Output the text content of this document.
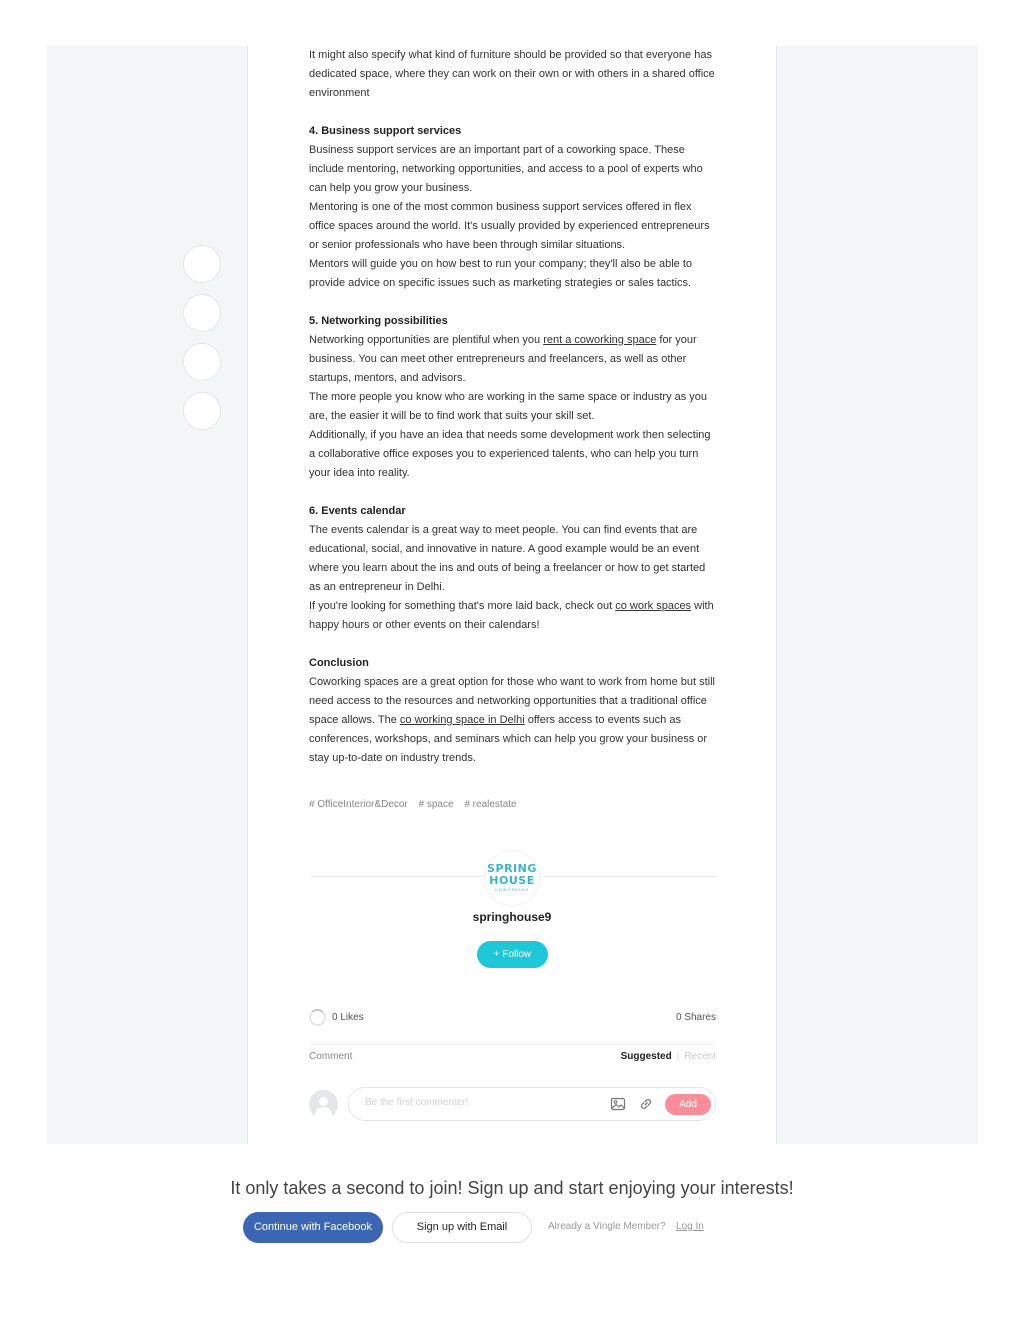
It might also specify what kind of furniture should be provided so that everyone has dedicated space, where they can work on their own or with others in a shared office environment

4. Business support services

Business support services are an important part of a coworking space. These include mentoring, networking opportunities, and access to a pool of experts who can help you grow your business.

Mentoring is one of the most common business support services offered in flex office spaces around the world. It's usually provided by experienced entrepreneurs or senior professionals who have been through similar situations.

Mentors will guide you on how best to run your company; they'll also be able to provide advice on specific issues such as marketing strategies or sales tactics.

5. Networking possibilities

Networking opportunities are plentiful when you rent a coworking space for your business. You can meet other entrepreneurs and freelancers, as well as other startups, mentors, and advisors.

The more people you know who are working in the same space or industry as you are, the easier it will be to find work that suits your skill set.

Additionally, if you have an idea that needs some development work then selecting a collaborative office exposes you to experienced talents, who can help you turn your idea into reality.

6. Events calendar

The events calendar is a great way to meet people. You can find events that are educational, social, and innovative in nature. A good example would be an event where you learn about the ins and outs of being a freelancer or how to get started as an entrepreneur in Delhi.

If you're looking for something that's more laid back, check out co work spaces with happy hours or other events on their calendars!

Conclusion

Coworking spaces are a great option for those who want to work from home but still need access to the resources and networking opportunities that a traditional office space allows. The co working space in Delhi offers access to events such as conferences, workshops, and seminars which can help you grow your business or stay up-to-date on industry trends.

# OfficeInterior&Decor # space # realestate
SPRING
HOUSE
COWORKING
springhouse9
+ Follow
0 Likes	0 Shares
Comment	Suggested | Recent
Be the first commenter!
Add
It only takes a second to join! Sign up and start enjoying your interests!
Continue with Facebook	Sign up with Email	Already a Vingle Member? Log In
